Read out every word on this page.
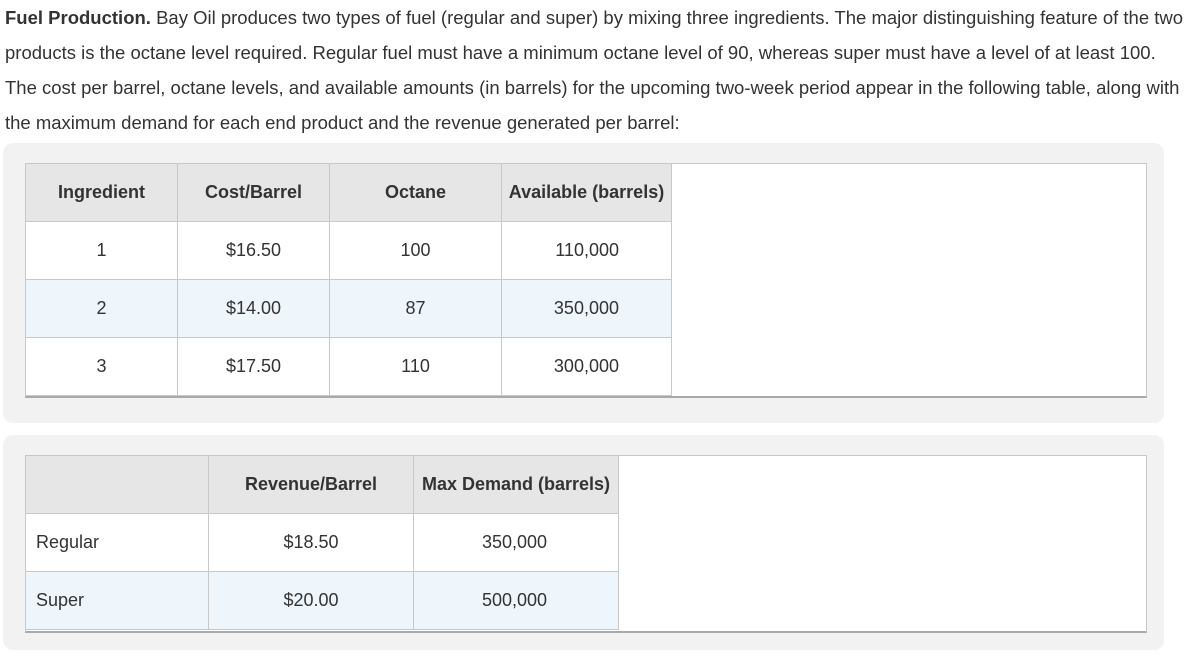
Fuel Production. Bay Oil produces two types of fuel (regular and super) by mixing three ingredients. The major distinguishing feature of the two products is the octane level required. Regular fuel must have a minimum octane level of 90, whereas super must have a level of at least 100. The cost per barrel, octane levels, and available amounts (in barrels) for the upcoming two-week period appear in the following table, along with the maximum demand for each end product and the revenue generated per barrel:

Ingredient	Cost/Barrel	Octane	Available (barrels)
1	$16.50	100	110,000
2	$14.00	87	350,000
3	$17.50	110	300,000
	Revenue/Barrel	Max Demand (barrels)
Regular	$18.50	350,000
Super	$20.00	500,000
